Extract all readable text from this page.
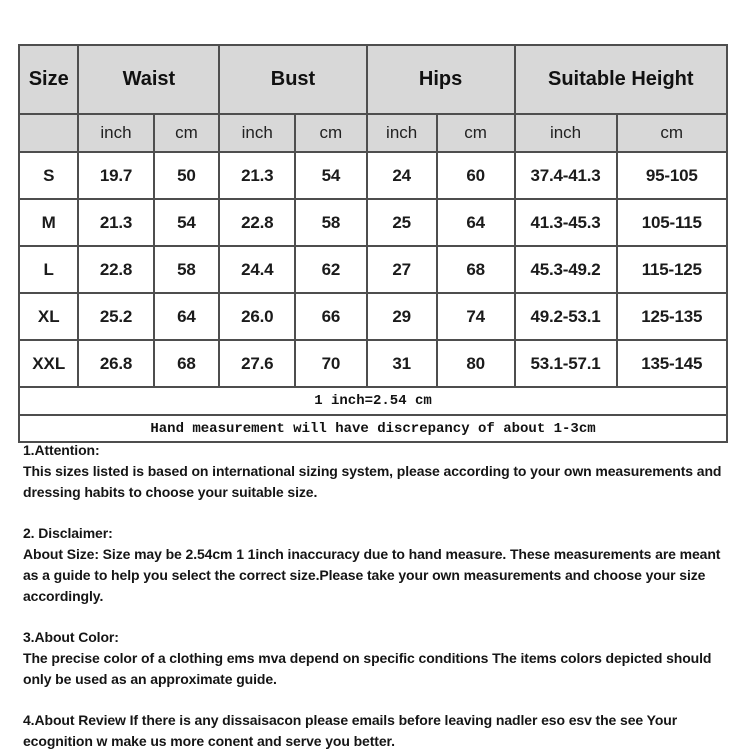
Size	Waist		Bust		Hips		Suitable Height	
	inch	cm	inch	cm	inch	cm	inch	cm
S	19.7	50	21.3	54	24	60	37.4-41.3	95-105
M	21.3	54	22.8	58	25	64	41.3-45.3	105-115
L	22.8	58	24.4	62	27	68	45.3-49.2	115-125
XL	25.2	64	26.0	66	29	74	49.2-53.1	125-135
XXL	26.8	68	27.6	70	31	80	53.1-57.1	135-145
1 inch=2.54 cm								
Hand measurement will have discrepancy of about 1-3cm								
1.Attention:
This sizes listed is based on international sizing system, please according to your own measurements and dressing habits to choose your suitable size.
2. Disclaimer:
About Size: Size may be 2.54cm 1 1inch inaccuracy due to hand measure. These measurements are meant as a guide to help you select the correct size.Please take your own measurements and choose your size accordingly.
3.About Color:
The precise color of a clothing ems mva depend on specific conditions The items colors depicted should only be used as an approximate guide.
4.About Review If there is any dissaisacon please emails before leaving nadler eso esv the see Your ecognition w make us more conent and serve you better.
